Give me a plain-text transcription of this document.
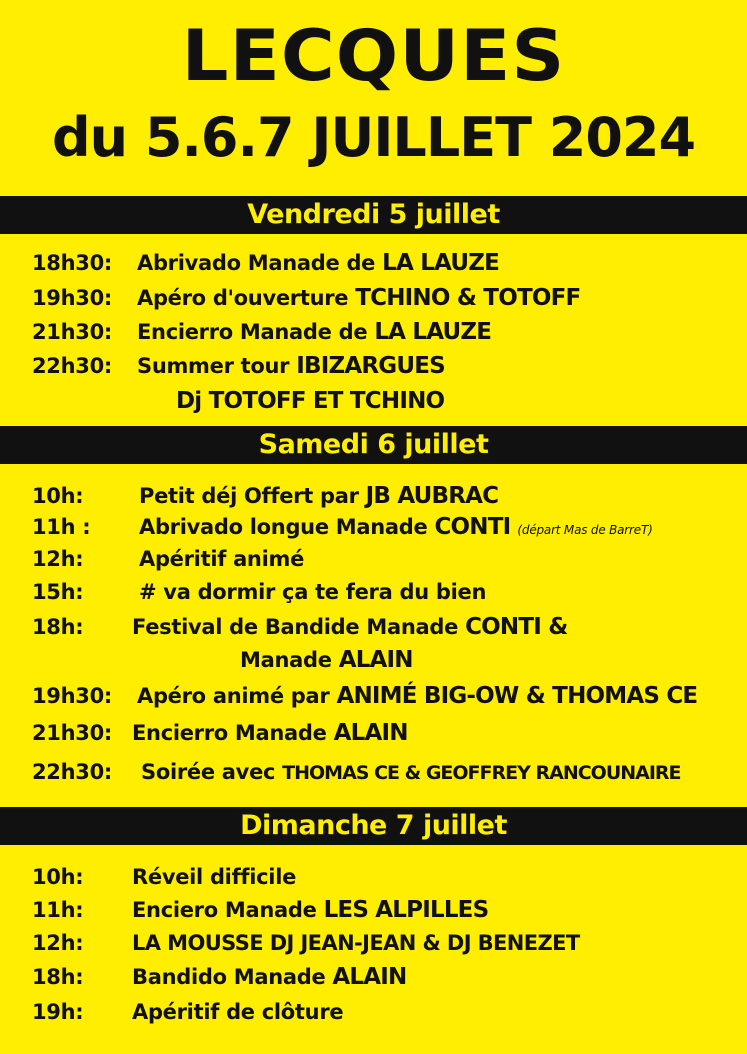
LECQUES
du 5.6.7 JUILLET 2024
Vendredi 5 juillet
18h30: Abrivado Manade de LA LAUZE
19h30: Apéro d'ouverture TCHINO & TOTOFF
21h30: Encierro Manade de LA LAUZE
22h30: Summer tour IBIZARGUES
Dj TOTOFF ET TCHINO
Samedi 6 juillet
10h:	Petit déj Offert par JB AUBRAC
11h : Abrivado longue Manade CONTI (départ Mas de BarreT)
12h:	Apéritif animé
15h:	# va dormir ça te fera du bien
18h: Festival de Bandide Manade CONTI &
Manade ALAIN
19h30: Apéro animé par ANIMÉ BIG-OW & THOMAS CE
21h30: Encierro Manade ALAIN
22h30: Soirée avec THOMAS CE & GEOFFREY RANCOUNAIRE
Dimanche 7 juillet
10h: Réveil difficile
11h: Enciero Manade LES ALPILLES
12h: LA MOUSSE DJ JEAN-JEAN & DJ BENEZET
18h: Bandido Manade ALAIN
19h: Apéritif de clôture
